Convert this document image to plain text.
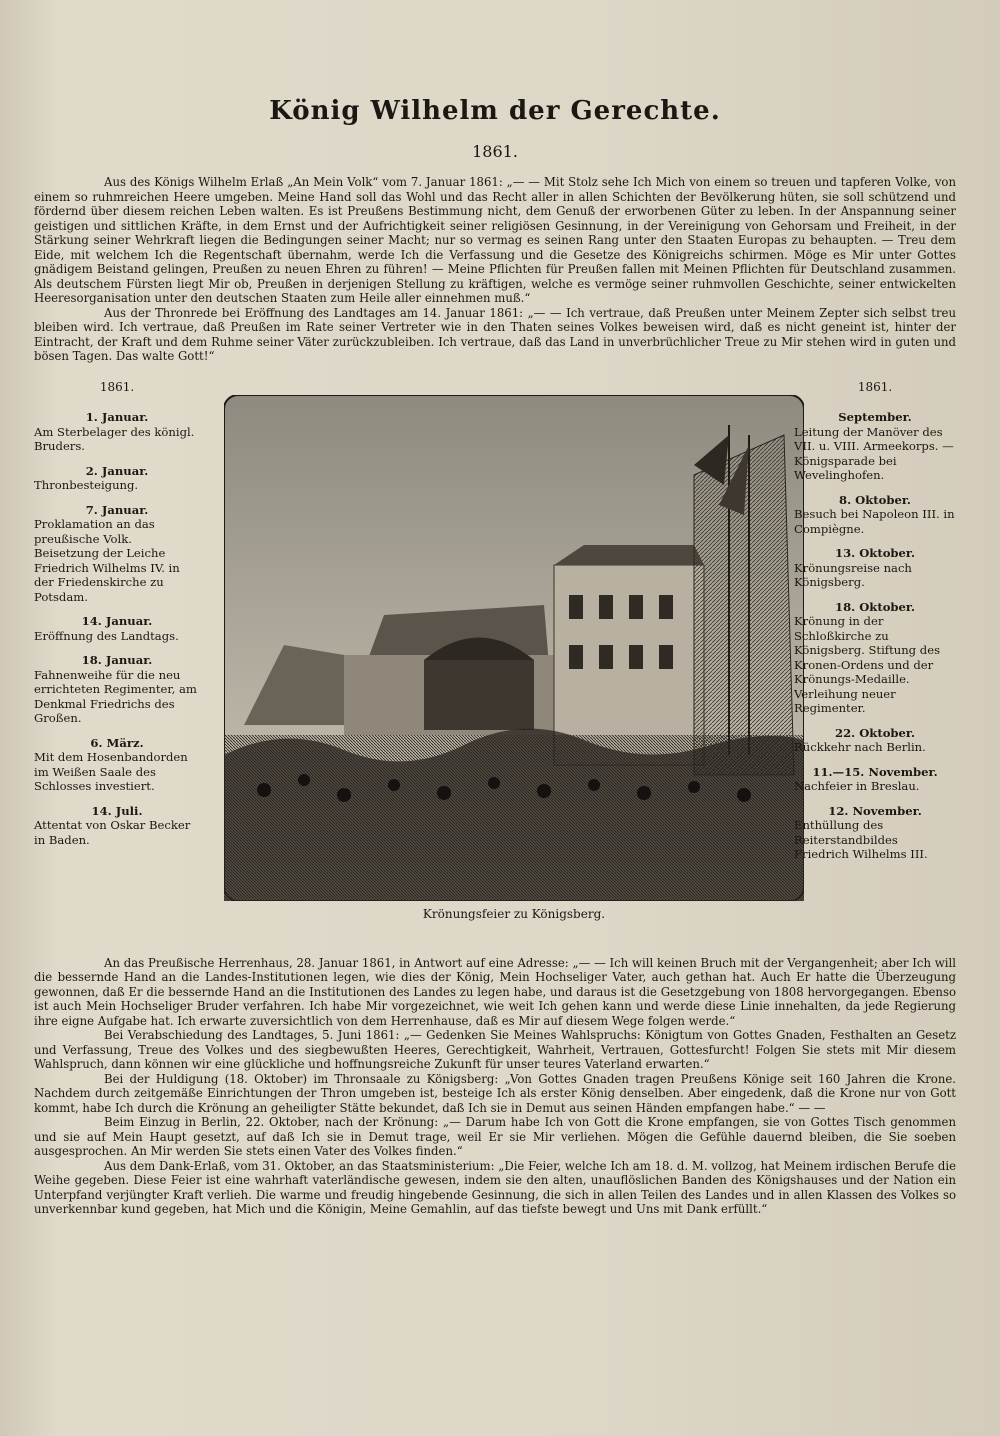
König Wilhelm der Gerechte.
1861.

Aus des Königs Wilhelm Erlaß „An Mein Volk“ vom 7. Januar 1861: „— — Mit Stolz sehe Ich Mich von einem so treuen und tapferen Volke, von einem so ruhmreichen Heere umgeben. Meine Hand soll das Wohl und das Recht aller in allen Schichten der Bevölkerung hüten, sie soll schützend und fördernd über diesem reichen Leben walten. Es ist Preußens Bestimmung nicht, dem Genuß der erworbenen Güter zu leben. In der Anspannung seiner geistigen und sittlichen Kräfte, in dem Ernst und der Aufrichtigkeit seiner religiösen Gesinnung, in der Vereinigung von Gehorsam und Freiheit, in der Stärkung seiner Wehrkraft liegen die Bedingungen seiner Macht; nur so vermag es seinen Rang unter den Staaten Europas zu behaupten. — Treu dem Eide, mit welchem Ich die Regentschaft übernahm, werde Ich die Verfassung und die Gesetze des Königreichs schirmen. Möge es Mir unter Gottes gnädigem Beistand gelingen, Preußen zu neuen Ehren zu führen! — Meine Pflichten für Preußen fallen mit Meinen Pflichten für Deutschland zusammen. Als deutschem Fürsten liegt Mir ob, Preußen in derjenigen Stellung zu kräftigen, welche es vermöge seiner ruhmvollen Geschichte, seiner entwickelten Heeresorganisation unter den deutschen Staaten zum Heile aller einnehmen muß.“

Aus der Thronrede bei Eröffnung des Landtages am 14. Januar 1861: „— — Ich vertraue, daß Preußen unter Meinem Zepter sich selbst treu bleiben wird. Ich vertraue, daß Preußen im Rate seiner Vertreter wie in den Thaten seines Volkes beweisen wird, daß es nicht geneint ist, hinter der Eintracht, der Kraft und dem Ruhme seiner Väter zurückzubleiben. Ich vertraue, daß das Land in unverbrüchlicher Treue zu Mir stehen wird in guten und bösen Tagen. Das walte Gott!“

1861.
1. Januar.
Am Sterbelager des königl. Bruders.
2. Januar.
Thronbesteigung.
7. Januar.
Proklamation an das preußische Volk. Beisetzung der Leiche Friedrich Wilhelms IV. in der Friedenskirche zu Potsdam.
14. Januar.
Eröffnung des Landtags.
18. Januar.
Fahnenweihe für die neu errichteten Regimenter, am Denkmal Friedrichs des Großen.
6. März.
Mit dem Hosenbandorden im Weißen Saale des Schlosses investiert.
14. Juli.
Attentat von Oskar Becker in Baden.
Krönungsfeier zu Königsberg.
1861.
September.
Leitung der Manöver des VII. u. VIII. Armeekorps. — Königsparade bei Wevelinghofen.
8. Oktober.
Besuch bei Napoleon III. in Compiègne.
13. Oktober.
Krönungsreise nach Königsberg.
18. Oktober.
Krönung in der Schloßkirche zu Königsberg. Stiftung des Kronen-Ordens und der Krönungs-Medaille. Verleihung neuer Regimenter.
22. Oktober.
Rückkehr nach Berlin.
11.—15. November.
Nachfeier in Breslau.
12. November.
Enthüllung des Reiterstandbildes Friedrich Wilhelms III.

An das Preußische Herrenhaus, 28. Januar 1861, in Antwort auf eine Adresse: „— — Ich will keinen Bruch mit der Vergangenheit; aber Ich will die bessernde Hand an die Landes-Institutionen legen, wie dies der König, Mein Hochseliger Vater, auch gethan hat. Auch Er hatte die Überzeugung gewonnen, daß Er die bessernde Hand an die Institutionen des Landes zu legen habe, und daraus ist die Gesetzgebung von 1808 hervorgegangen. Ebenso ist auch Mein Hochseliger Bruder verfahren. Ich habe Mir vorgezeichnet, wie weit Ich gehen kann und werde diese Linie innehalten, da jede Regierung ihre eigne Aufgabe hat. Ich erwarte zuversichtlich von dem Herrenhause, daß es Mir auf diesem Wege folgen werde.“

Bei Verabschiedung des Landtages, 5. Juni 1861: „— Gedenken Sie Meines Wahlspruchs: Königtum von Gottes Gnaden, Festhalten an Gesetz und Verfassung, Treue des Volkes und des siegbewußten Heeres, Gerechtigkeit, Wahrheit, Vertrauen, Gottesfurcht! Folgen Sie stets mit Mir diesem Wahlspruch, dann können wir eine glückliche und hoffnungsreiche Zukunft für unser teures Vaterland erwarten.“

Bei der Huldigung (18. Oktober) im Thronsaale zu Königsberg: „Von Gottes Gnaden tragen Preußens Könige seit 160 Jahren die Krone. Nachdem durch zeitgemäße Einrichtungen der Thron umgeben ist, besteige Ich als erster König denselben. Aber eingedenk, daß die Krone nur von Gott kommt, habe Ich durch die Krönung an geheiligter Stätte bekundet, daß Ich sie in Demut aus seinen Händen empfangen habe.“ — —

Beim Einzug in Berlin, 22. Oktober, nach der Krönung: „— Darum habe Ich von Gott die Krone empfangen, sie von Gottes Tisch genommen und sie auf Mein Haupt gesetzt, auf daß Ich sie in Demut trage, weil Er sie Mir verliehen. Mögen die Gefühle dauernd bleiben, die Sie soeben ausgesprochen. An Mir werden Sie stets einen Vater des Volkes finden.“

Aus dem Dank-Erlaß, vom 31. Oktober, an das Staatsministerium: „Die Feier, welche Ich am 18. d. M. vollzog, hat Meinem irdischen Berufe die Weihe gegeben. Diese Feier ist eine wahrhaft vaterländische gewesen, indem sie den alten, unauflöslichen Banden des Königshauses und der Nation ein Unterpfand verjüngter Kraft verlieh. Die warme und freudig hingebende Gesinnung, die sich in allen Teilen des Landes und in allen Klassen des Volkes so unverkennbar kund gegeben, hat Mich und die Königin, Meine Gemahlin, auf das tiefste bewegt und Uns mit Dank erfüllt.“
